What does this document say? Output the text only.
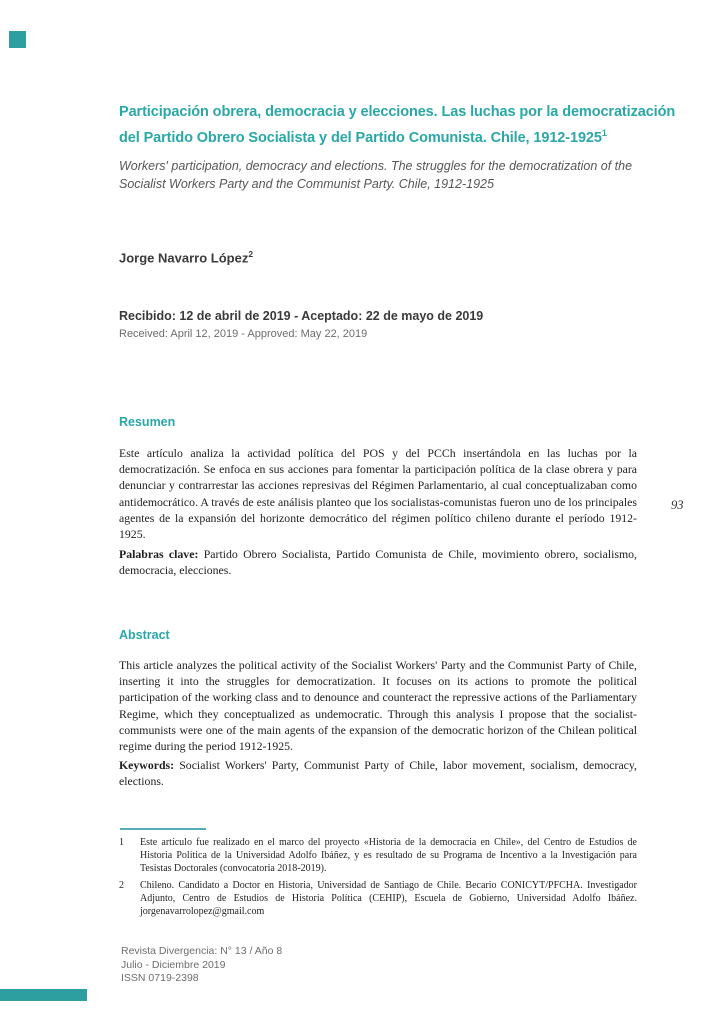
Participación obrera, democracia y elecciones. Las luchas por la democratización
del Partido Obrero Socialista y del Partido Comunista. Chile, 1912-1925$^1$
Workers' participation, democracy and elections. The struggles for the democratization of the
Socialist Workers Party and the Communist Party. Chile, 1912-1925
Jorge Navarro López$^2$
Recibido: 12 de abril de 2019 - Aceptado: 22 de mayo de 2019
Received: April 12, 2019 - Approved: May 22, 2019
Resumen
Este artículo analiza la actividad política del POS y del PCCh insertándola en las luchas por la democratización. Se enfoca en sus acciones para fomentar la participación política de la clase obrera y para denunciar y contrarrestar las acciones represivas del Régimen Parlamentario, al cual conceptualizaban como antidemocrático. A través de este análisis planteo que los socialistas-comunistas fueron uno de los principales agentes de la expansión del horizonte democrático del régimen político chileno durante el período 1912-1925.
Palabras clave: Partido Obrero Socialista, Partido Comunista de Chile, movimiento obrero, socialismo, democracia, elecciones.
93
Abstract
This article analyzes the political activity of the Socialist Workers' Party and the Communist Party of Chile, inserting it into the struggles for democratization. It focuses on its actions to promote the political participation of the working class and to denounce and counteract the repressive actions of the Parliamentary Regime, which they conceptualized as undemocratic. Through this analysis I propose that the socialist-communists were one of the main agents of the expansion of the democratic horizon of the Chilean political regime during the period 1912-1925.
Keywords: Socialist Workers' Party, Communist Party of Chile, labor movement, socialism, democracy, elections.
1	Este artículo fue realizado en el marco del proyecto «Historia de la democracia en Chile», del Centro de Estudios de Historia Política de la Universidad Adolfo Ibáñez, y es resultado de su Programa de Incentivo a la Investigación para Tesistas Doctorales (convocatoria 2018-2019).
2	Chileno. Candidato a Doctor en Historia, Universidad de Santiago de Chile. Becario CONICYT/PFCHA. Investigador Adjunto, Centro de Estudios de Historia Política (CEHIP), Escuela de Gobierno, Universidad Adolfo Ibáñez. jorgenavarrolopez@gmail.com
Revista Divergencia: N° 13 / Año 8
Julio - Diciembre 2019
ISSN 0719-2398
